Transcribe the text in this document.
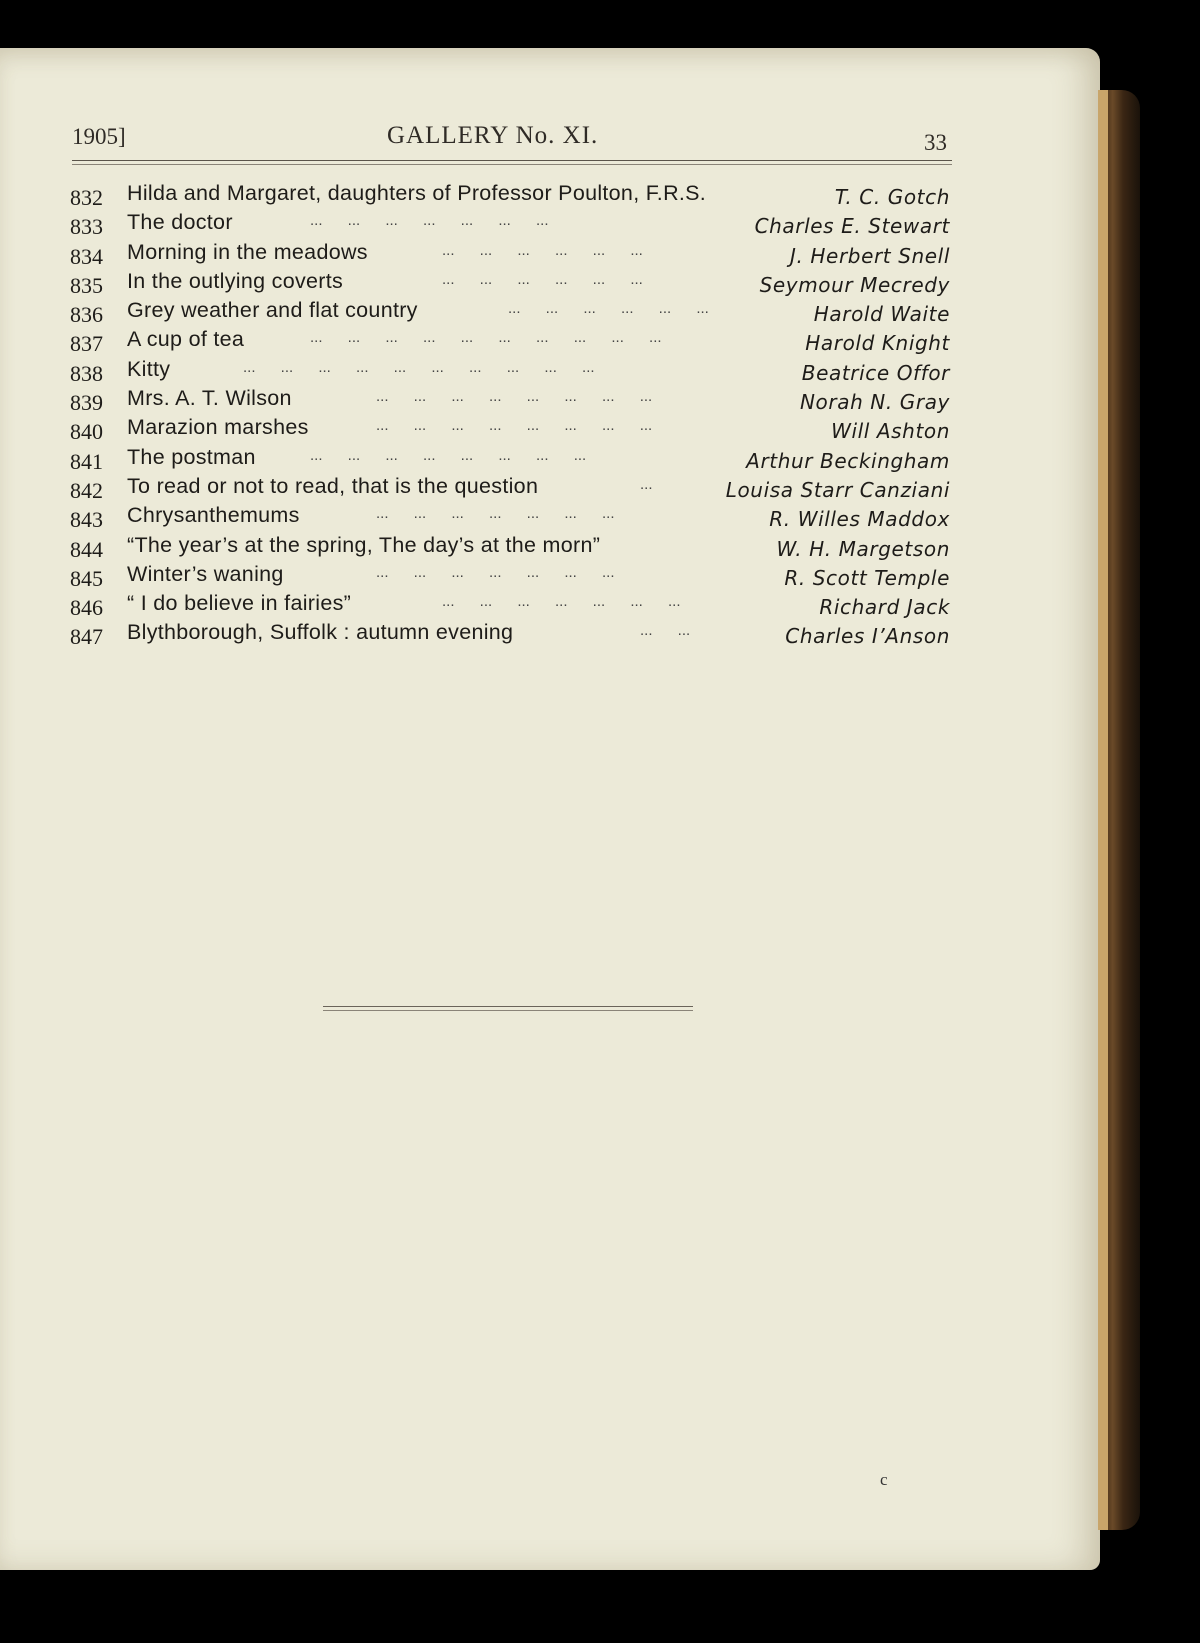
1905]	GALLERY No. XI.	33
832 Hilda and Margaret, daughters of Professor Poulton, F.R.S.	T. C. Gotch
833 The doctor	... ... ... ... ... ... ...	Charles E. Stewart
834 Morning in the meadows	... ... ... ... ... ...	J. Herbert Snell
835 In the outlying coverts	... ... ... ... ... ...	Seymour Mecredy
836 Grey weather and flat country	... ... ... ... ... ...	Harold Waite
837 A cup of tea	... ... ... ... ... ... ... ... ... ...	Harold Knight
838 Kitty	... ... ... ... ... ... ... ... ... ...	Beatrice Offor
839 Mrs. A. T. Wilson	... ... ... ... ... ... ... ...	Norah N. Gray
840 Marazion marshes	... ... ... ... ... ... ... ...	Will Ashton
841 The postman	... ... ... ... ... ... ... ...	Arthur Beckingham
842 To read or not to read, that is the question	...	Louisa Starr Canziani
843 Chrysanthemums	... ... ... ... ... ... ...	R. Willes Maddox
844 “The year’s at the spring, The day’s at the morn”	W. H. Margetson
845 Winter’s waning	... ... ... ... ... ... ...	R. Scott Temple
846 “ I do believe in fairies”	... ... ... ... ... ... ...	Richard Jack
847 Blythborough, Suffolk : autumn evening	... ...	Charles I’Anson
c
